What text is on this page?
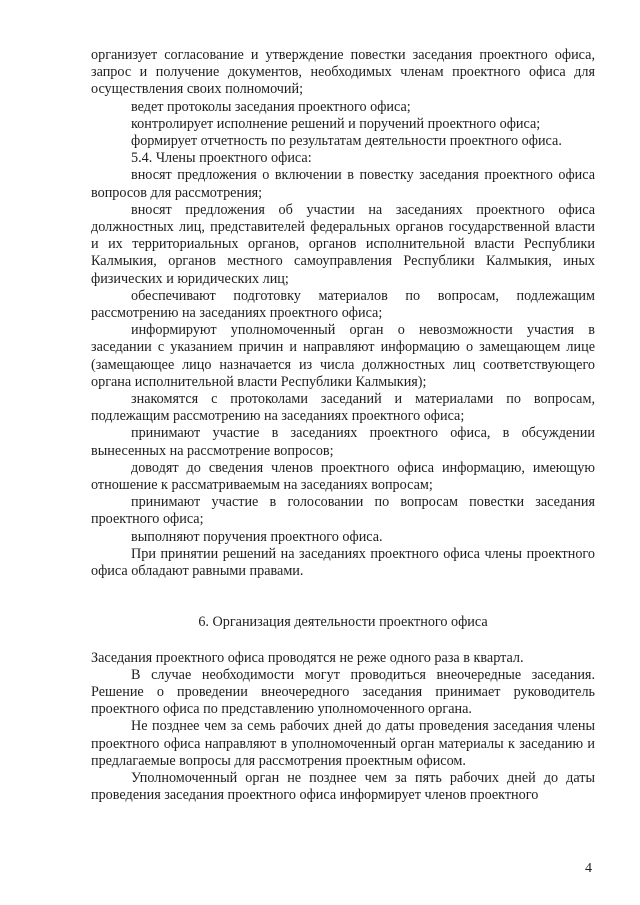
организует согласование и утверждение повестки заседания проектного офиса, запрос и получение документов, необходимых членам проектного офиса для осуществления своих полномочий;

ведет протоколы заседания проектного офиса;

контролирует исполнение решений и поручений проектного офиса;

формирует отчетность по результатам деятельности проектного офиса.

5.4. Члены проектного офиса:

вносят предложения о включении в повестку заседания проектного офиса вопросов для рассмотрения;

вносят предложения об участии на заседаниях проектного офиса должностных лиц, представителей федеральных органов государственной власти и их территориальных органов, органов исполнительной власти Республики Калмыкия, органов местного самоуправления Республики Калмыкия, иных физических и юридических лиц;

обеспечивают подготовку материалов по вопросам, подлежащим рассмотрению на заседаниях проектного офиса;

информируют уполномоченный орган о невозможности участия в заседании с указанием причин и направляют информацию о замещающем лице (замещающее лицо назначается из числа должностных лиц соответствующего органа исполнительной власти Республики Калмыкия);

знакомятся с протоколами заседаний и материалами по вопросам, подлежащим рассмотрению на заседаниях проектного офиса;

принимают участие в заседаниях проектного офиса, в обсуждении вынесенных на рассмотрение вопросов;

доводят до сведения членов проектного офиса информацию, имеющую отношение к рассматриваемым на заседаниях вопросам;

принимают участие в голосовании по вопросам повестки заседания проектного офиса;

выполняют поручения проектного офиса.

При принятии решений на заседаниях проектного офиса члены проектного офиса обладают равными правами.

6. Организация деятельности проектного офиса

Заседания проектного офиса проводятся не реже одного раза в квартал.

В случае необходимости могут проводиться внеочередные заседания. Решение о проведении внеочередного заседания принимает руководитель проектного офиса по представлению уполномоченного органа.

Не позднее чем за семь рабочих дней до даты проведения заседания члены проектного офиса направляют в уполномоченный орган материалы к заседанию и предлагаемые вопросы для рассмотрения проектным офисом.

Уполномоченный орган не позднее чем за пять рабочих дней до даты проведения заседания проектного офиса информирует членов проектного

4
